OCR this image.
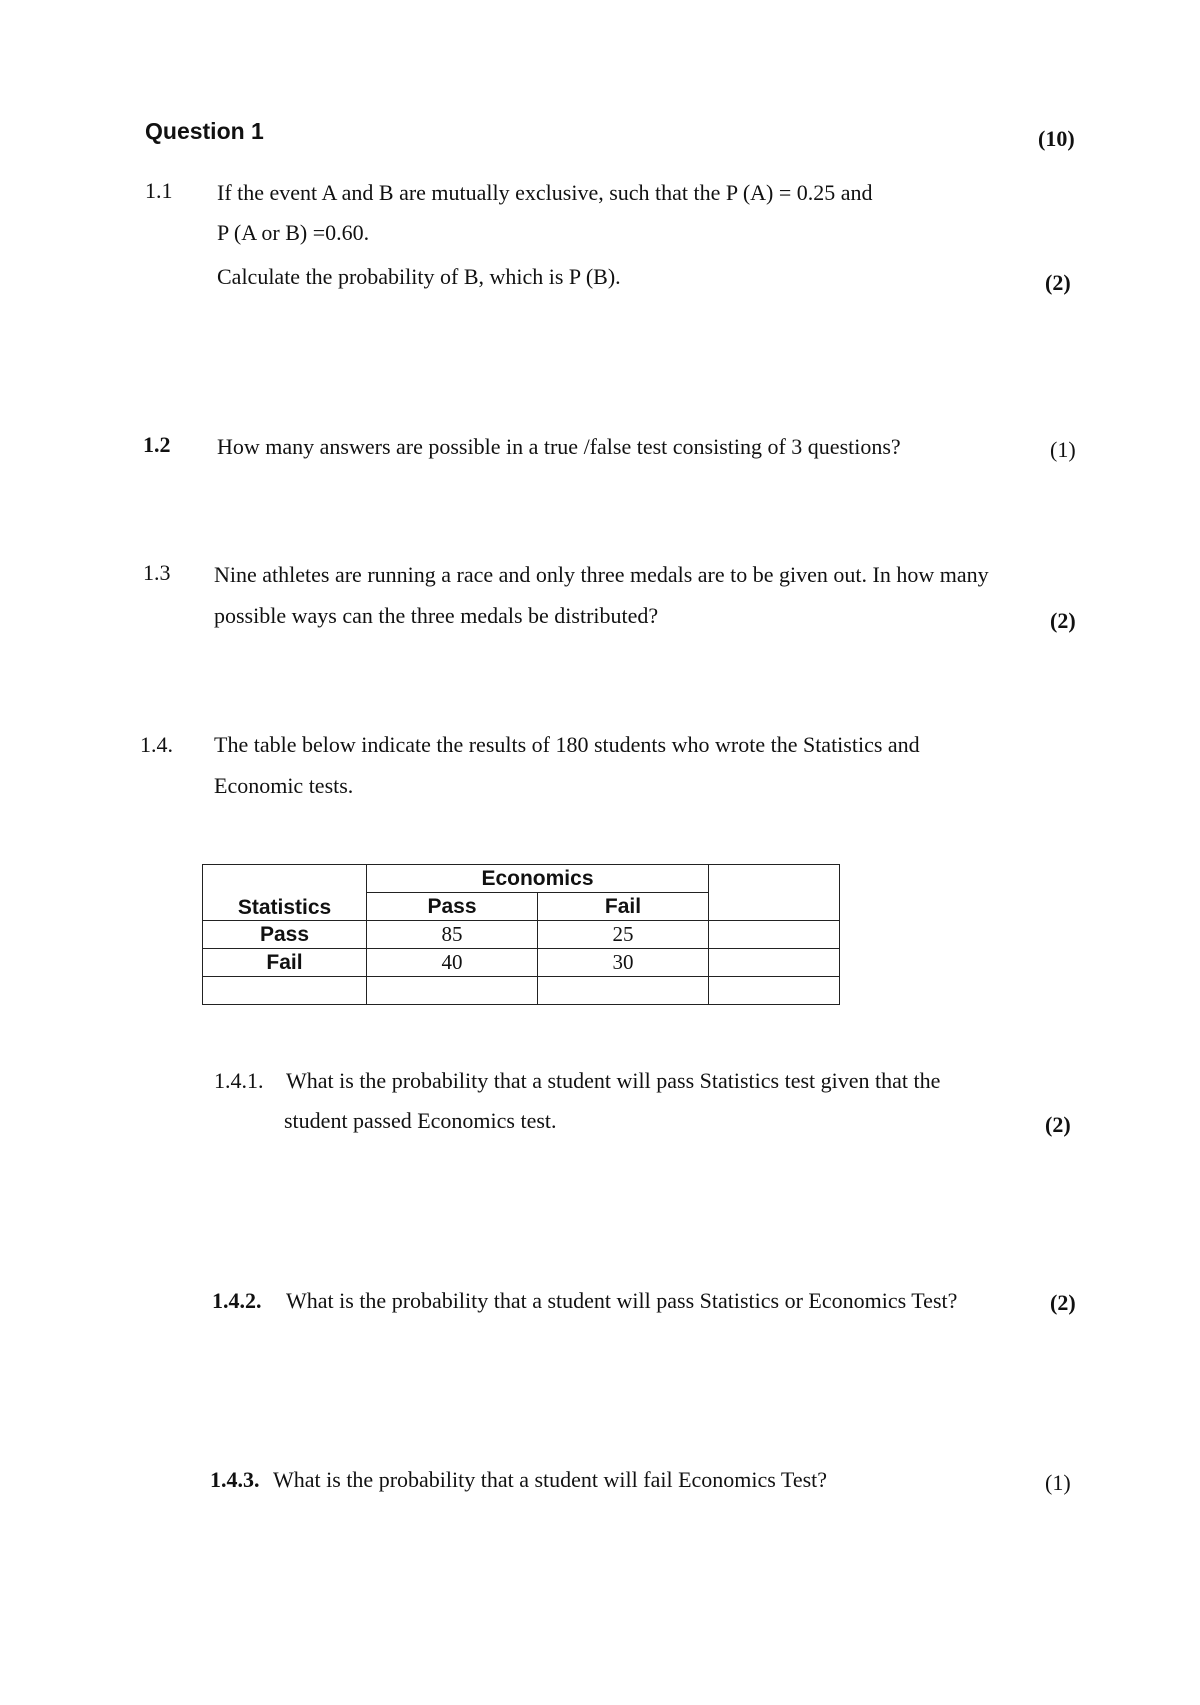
Question 1	(10)
1.1 If the event A and B are mutually exclusive, such that the P (A) = 0.25 and
P (A or B) =0.60.
Calculate the probability of B, which is P (B).	(2)
1.2 How many answers are possible in a true /false test consisting of 3 questions?	(1)
1.3 Nine athletes are running a race and only three medals are to be given out. In how many
possible ways can the three medals be distributed?	(2)
1.4. The table below indicate the results of 180 students who wrote the Statistics and
Economic tests.
Statistics	Economics		
	Pass	Fail	
Pass	85	25	
Fail	40	30	

1.4.1. What is the probability that a student will pass Statistics test given that the
student passed Economics test.	(2)
1.4.2. What is the probability that a student will pass Statistics or Economics Test?	(2)
1.4.3. What is the probability that a student will fail Economics Test?	(1)
